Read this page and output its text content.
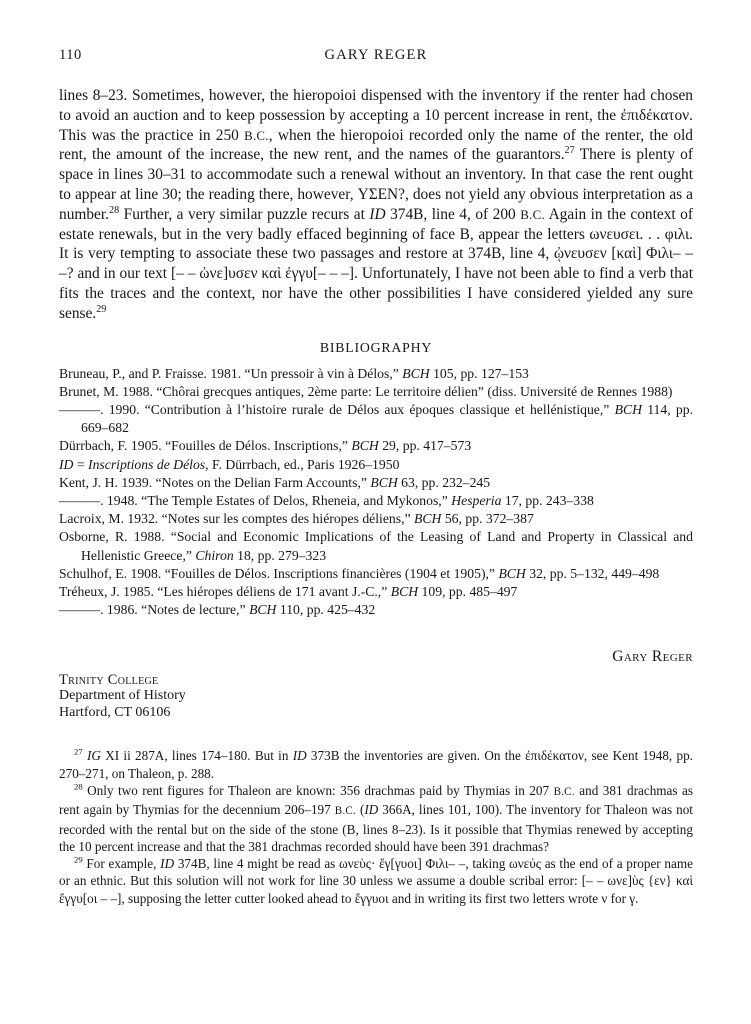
110	GARY REGER

lines 8–23. Sometimes, however, the hieropoioi dispensed with the inventory if the renter had chosen to avoid an auction and to keep possession by accepting a 10 percent increase in rent, the ἐπιδέκατον. This was the practice in 250 B.C., when the hieropoioi recorded only the name of the renter, the old rent, the amount of the increase, the new rent, and the names of the guarantors.$^{27}$ There is plenty of space in lines 30–31 to accommodate such a renewal without an inventory. In that case the rent ought to appear at line 30; the reading there, however, ΥΣΕΝ?, does not yield any obvious interpretation as a number.$^{28}$ Further, a very similar puzzle recurs at ID 374B, line 4, of 200 B.C. Again in the context of estate renewals, but in the very badly effaced beginning of face B, appear the letters ωνευσει. . . φιλι. It is very tempting to associate these two passages and restore at 374B, line 4, ᾠνευσεν [καὶ] Φιλι– – –? and in our text [– – ὠνε]υσεν καὶ ἐγγυ[– – –]. Unfortunately, I have not been able to find a verb that fits the traces and the context, nor have the other possibilities I have considered yielded any sure sense.$^{29}$

BIBLIOGRAPHY

Bruneau, P., and P. Fraisse. 1981. “Un pressoir à vin à Délos,” BCH 105, pp. 127–153

Brunet, M. 1988. “Chôrai grecques antiques, 2ème parte: Le territoire délien” (diss. Université de Rennes 1988)

———. 1990. “Contribution à l’histoire rurale de Délos aux époques classique et hellénistique,” BCH 114, pp. 669–682

Dürrbach, F. 1905. “Fouilles de Délos. Inscriptions,” BCH 29, pp. 417–573

ID = Inscriptions de Délos, F. Dürrbach, ed., Paris 1926–1950

Kent, J. H. 1939. “Notes on the Delian Farm Accounts,” BCH 63, pp. 232–245

———. 1948. “The Temple Estates of Delos, Rheneia, and Mykonos,” Hesperia 17, pp. 243–338

Lacroix, M. 1932. “Notes sur les comptes des hiéropes déliens,” BCH 56, pp. 372–387

Osborne, R. 1988. “Social and Economic Implications of the Leasing of Land and Property in Classical and Hellenistic Greece,” Chiron 18, pp. 279–323

Schulhof, E. 1908. “Fouilles de Délos. Inscriptions financières (1904 et 1905),” BCH 32, pp. 5–132, 449–498

Tréheux, J. 1985. “Les hiéropes déliens de 171 avant J.-C.,” BCH 109, pp. 485–497

———. 1986. “Notes de lecture,” BCH 110, pp. 425–432

Gary Reger
Trinity College
Department of History
Hartford, CT 06106

$^{27}$ IG XI ii 287A, lines 174–180. But in ID 373B the inventories are given. On the ἐπιδέκατον, see Kent 1948, pp. 270–271, on Thaleon, p. 288.

$^{28}$ Only two rent figures for Thaleon are known: 356 drachmas paid by Thymias in 207 B.C. and 381 drachmas as rent again by Thymias for the decennium 206–197 B.C. (ID 366A, lines 101, 100). The inventory for Thaleon was not recorded with the rental but on the side of the stone (B, lines 8–23). Is it possible that Thymias renewed by accepting the 10 percent increase and that the 381 drachmas recorded should have been 391 drachmas?

$^{29}$ For example, ID 374B, line 4 might be read as ωνεὺς· ἔγ[γυοι] Φιλι– –, taking ωνεύς as the end of a proper name or an ethnic. But this solution will not work for line 30 unless we assume a double scribal error: [– – ωνε]ὺς {εν} καὶ ἔγγυ[οι – –], supposing the letter cutter looked ahead to ἔγγυοι and in writing its first two letters wrote ν for γ.
